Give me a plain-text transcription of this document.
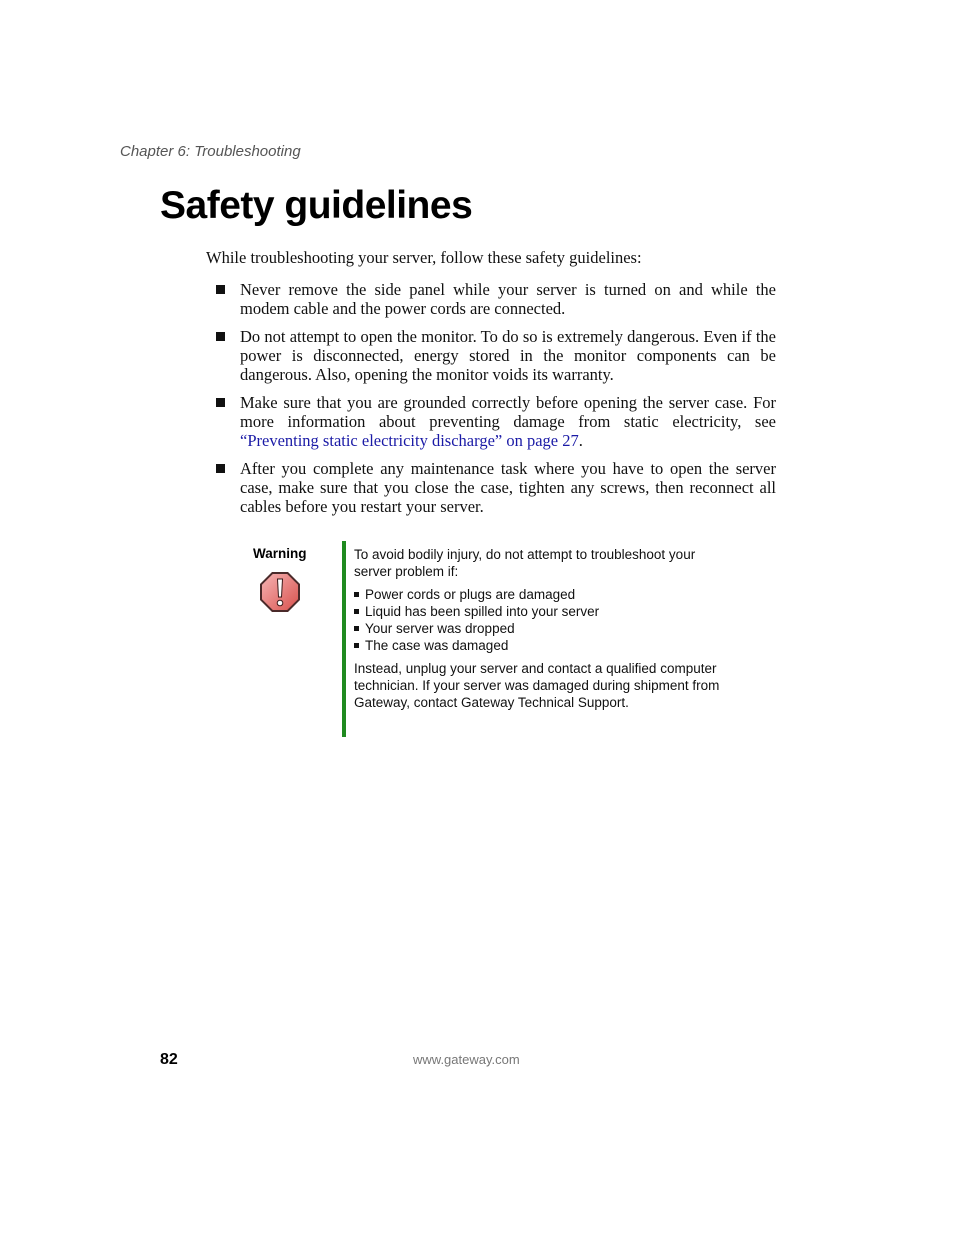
Chapter 6: Troubleshooting
Safety guidelines
While troubleshooting your server, follow these safety guidelines:
Never remove the side panel while your server is turned on and while the modem cable and the power cords are connected.
Do not attempt to open the monitor. To do so is extremely dangerous. Even if the power is disconnected, energy stored in the monitor components can be dangerous. Also, opening the monitor voids its warranty.
Make sure that you are grounded correctly before opening the server case. For more information about preventing damage from static electricity, see “Preventing static electricity discharge” on page 27.
After you complete any maintenance task where you have to open the server case, make sure that you close the case, tighten any screws, then reconnect all cables before you restart your server.
Warning	To avoid bodily injury, do not attempt to troubleshoot your server problem if:

Power cords or plugs are damaged
Liquid has been spilled into your server
Your server was dropped
The case was damaged

Instead, unplug your server and contact a qualified computer technician. If your server was damaged during shipment from Gateway, contact Gateway Technical Support.

82	www.gateway.com
